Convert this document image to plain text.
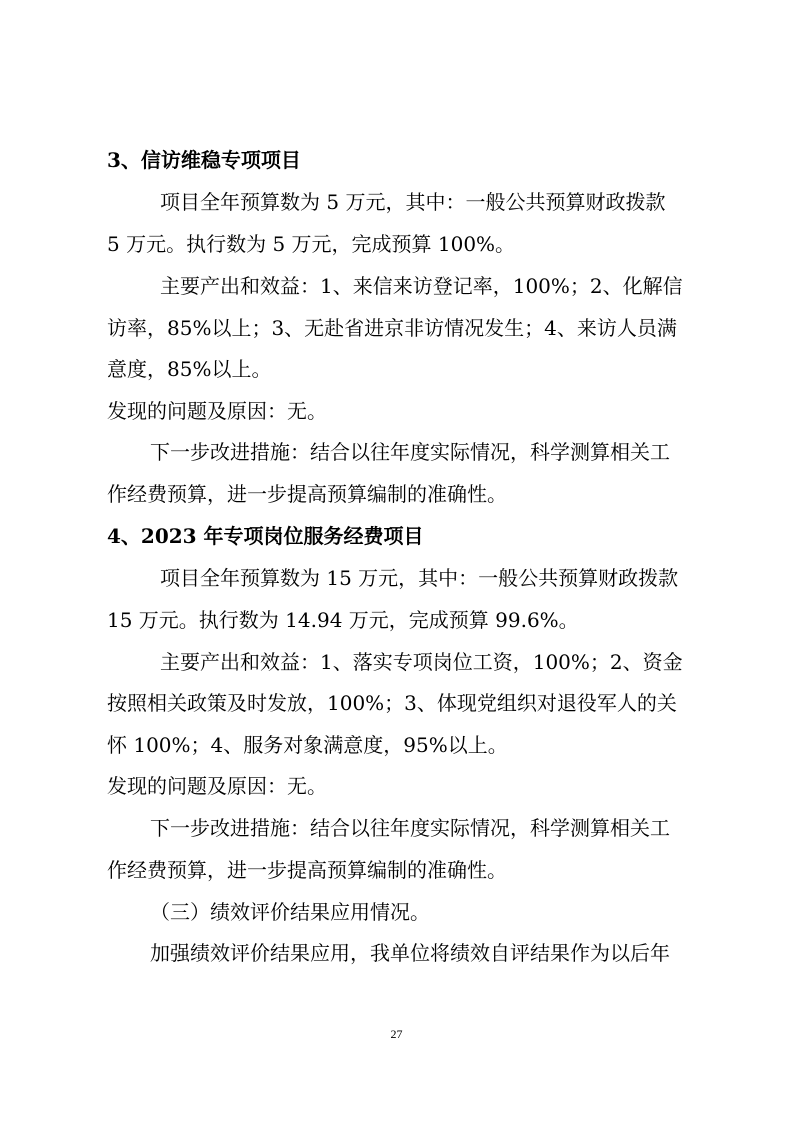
3、信访维稳专项项目
项目全年预算数为 5 万元，其中：一般公共预算财政拨款
5 万元。执行数为 5 万元，完成预算 100%。
主要产出和效益：1、来信来访登记率，100%；2、化解信
访率，85%以上；3、无赴省进京非访情况发生；4、来访人员满
意度，85%以上。
发现的问题及原因：无。
下一步改进措施：结合以往年度实际情况，科学测算相关工
作经费预算，进一步提高预算编制的准确性。
4、2023 年专项岗位服务经费项目
项目全年预算数为 15 万元，其中：一般公共预算财政拨款
15 万元。执行数为 14.94 万元，完成预算 99.6%。
主要产出和效益：1、落实专项岗位工资，100%；2、资金
按照相关政策及时发放，100%；3、体现党组织对退役军人的关
怀 100%；4、服务对象满意度，95%以上。
发现的问题及原因：无。
下一步改进措施：结合以往年度实际情况，科学测算相关工
作经费预算，进一步提高预算编制的准确性。
（三）绩效评价结果应用情况。
加强绩效评价结果应用，我单位将绩效自评结果作为以后年
27
